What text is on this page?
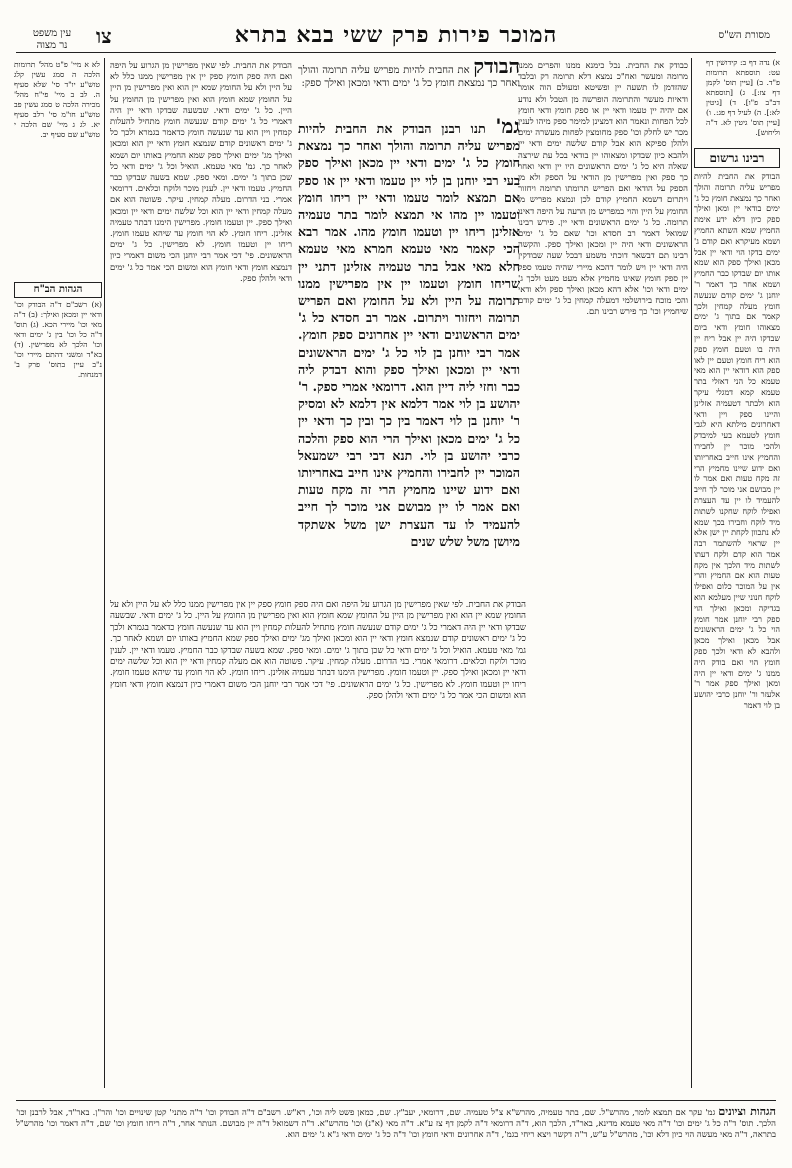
המוכר פירות פרק ששי בבא בתרא
צו
עין משפט
נר מצוה
מסורת הש"ס

א) נדה דף ב: קידושין דף עט: תוספתא תרומות פ"ד. ב) [עיין תוס' לקמן דף צז:]. ג) [תוספתא דב"ב פ"ו]. ד) [גיטין לא:]. ה) לעיל דף פג:. ו) [עיין תוס' גיטין לא. ד"ה וליחוש].

רבינו גרשום

הבודק את החבית להיות מפריש עליה תרומה והולך ואחר כך נמצאת חומץ כל ג' ימים בודאי יין ומאן ואילך ספק כיון דלא ידע אימת החמיץ שמא השתא החמיץ ושמא מעיקרא ואם קודם ג' ימים בדקו הוי ודאי יין אבל מכאן ואילך ספק הוא שמא אותו יום שבדקו כבר החמיץ ושמא אחר כך דאמר ר' יוחנן ג' ימים קודם שנעשה חומץ מעלה קמחין ולכך קאמר אם בתוך ג' ימים מצאוהו חומץ ודאי ביום שבדקו היה יין אבל ריח יין היה בו וטעם חומץ ספק הוא ריח חומץ וטעם יין לאו ספק הוא דודאי יין הוא מאי טעמא כל הני דאזלי בתר טעמא קמא דמגלי עיקר הוא ולבתר דטעמיה אזלינן והיינו ספק ויין ודאי דאחרונים מילתא היא לגבי חומץ לטעמא בעי למיבדק ולהכי מוכר יין לחבירו והחמיץ אינו חייב באחריותו ואם ידוע שיינו מחמיץ הרי זה מקח טעות ואם אמר לו יין מבושם אני מוכר לך חייב להעמיד לו יין עד העצרת ואפילו לוקח שחקנו לשתות מיד לוקח וחבירו בכך שמא לא נתכוון לקחת יין ישן אלא יין שראוי להשתמר רבה אמר הוא קדם ולקח דעתו לשתות מיד הלכך אין מקח טעות הוא אם החמיץ והרי אין על המוכר כלום ואפילו לוקח חנוני שיין מעלמא הוא בגדיקה ומכאן ואילך הוי ספק רבי יוחנן אמר חומץ הוי כל ג' ימים הראשונים אבל מכאן ואילך מכאן ולהבא לא ודאי ולכך ספק חומץ הוי ואם בודק היה ממנו ג' ימים ודאי יין היה ומאן ואילך ספק אמר ר' אלעזר ור' יוחנן כרבי יהושע בן לוי דאמר

כבודק את החבית. נכל כימנא ממנו והפרים ממנו מרומה ומעשר ואח"כ נמצא דלא תרומה רק ובלבד שהזדמן לו תשעה יין ופשיטא ומעולם הוה אומר ודאיות מעשר והתרומה הופרשה מן הטבל ולא נודע אם יהיה יין טעמו ודאי יין או ספק חומץ ודאי חומץ לכל הפחות ונאמר הוא דמצינן למימר ספק מיהו לענין מכר יש לחלק וכו' ספק מחומצין לפחות מעשרה ימים ולהלן ספיקא הוא אבל קודם שלשה ימים ודאי יין ולהבא כיון שבדקו ומצאוהו יין בודאי בכל עת שירצה שאלה היא כל ג' ימים הראשונים היו יין ודאי ואחר כך ספק ואין מפרישין מן הודאי על הספק ולא מן הספק על הודאי ואם הפריש תרומתו תרומה ויחזור ויתרום דשמא החמיץ קודם לכן ונמצא מפריש מן החומץ על היין והוי כמפריש מן הרעה על היפה דאינו תרומה. כל ג' ימים הראשונים ודאי יין. פירש רבינו שמואל דאמר רב חסדא וכו' שאם כל ג' ימים הראשונים ודאי היה יין ומכאן ואילך ספק. והקשה רבינו תם דבשאר דוכתי משמע דבכל שעה שבודקין היה ודאי יין ויש לומר דהכא מיירי שהיה טעמו ספק יין ספק חומץ שאינו מחמיץ אלא מעט מעט ולכך ג' ימים ודאי וכו' אלא דהא מכאן ואילך ספק ולא ודאי והכי מוכח בירושלמי דמעלה קמחין כל ג' ימים קודם שיחמיץ וכו' כך פירש רבינו תם.

הבודק את החבית להיות מפריש עליה תרומה והולך ואחר כך נמצאת חומץ כל ג' ימים ודאי ומכאן ואילך ספק:

גמ' תנו רבנן הבודק את החבית להיות מפריש עליה תרומה והולך ואחר כך נמצאת חומץ כל ג' ימים ודאי יין מכאן ואילך ספק בעי רבי יוחנן בן לוי יין טעמו ודאי יין או ספק אם תמצא לומר טעמו ודאי יין ריחו חומץ וטעמו יין מהו אי תמצא לומר בתר טעמיה אזלינן ריחו יין וטעמו חומץ מהו. אמר רבא הכי קאמר מאי טעמא חמרא מאי טעמא חלא מאי אבל בתר טעמיה אזלינן דתני יין שריחו חומץ וטעמו יין אין מפרישין ממנו תרומה על היין ולא על החומץ ואם הפריש תרומה ויחזור ויתרום. אמר רב חסדא כל ג' ימים הראשונים ודאי יין אחרונים ספק חומץ. אמר רבי יוחנן בן לוי כל ג' ימים הראשונים ודאי יין ומכאן ואילך ספק והוא דבדק ליה כבר וחזי ליה דיין הוא. דרומאי אמרי ספק. ר' יהושע בן לוי אמר דלמא אין דלמא לא ומסיק ר' יוחנן בן לוי דאמר בין כך ובין כך ודאי יין כל ג' ימים מכאן ואילך הרי הוא ספק והלכה כרבי יהושע בן לוי. תנא דבי רבי ישמעאל המוכר יין לחבירו והחמיץ אינו חייב באחריותו ואם ידוע שיינו מחמיץ הרי זה מקח טעות ואם אמר לו יין מבושם אני מוכר לך חייב להעמיד לו עד העצרת ישן משל אשתקד מיושן משל שלש שנים

הבודק את החבית. לפי שאין מפרישין מן הגרוע על היפה ואם היה ספק חומץ ספק יין אין מפרישין ממנו כלל לא על היין ולא על החומץ שמא יין הוא ואין מפרישין מן היין על החומץ שמא חומץ הוא ואין מפרישין מן החומץ על היין. כל ג' ימים ודאי. שבשעה שבדקו ודאי יין היה דאמרי כל ג' ימים קודם שנעשה חומץ מתחיל להעלות קמחין ויין הוא עד שנעשה חומץ כדאמר בגמרא ולכך כל ג' ימים ראשונים קודם שנמצא חומץ ודאי יין הוא ומכאן ואילך מג' ימים ואילך ספק שמא החמיץ באותו יום ושמא לאחר כך. גמ' מאי טעמא. הואיל וכל ג' ימים ודאי כל שכן בתוך ג' ימים. ומאי ספק. שמא בשעה שבדקו כבר החמיץ. טעמו ודאי יין. לענין מוכר ולוקח וכלאים. דרומאי אמרי. בני הדרום. מעלה קמחין. עיקר. פשוטה הוא אם מעלה קמחין ודאי יין הוא וכל שלשה ימים ודאי יין ומכאן ואילך ספק. יין וטעמו חומץ. מפרישין הימנו דבתר טעמיה אזלינן. ריחו חומץ. לא הוי חומץ עד שיהא טעמו חומץ. ריחו יין וטעמו חומץ. לא מפרישין. כל ג' ימים הראשונים. פי' דכי אמר רבי יוחנן הכי משום דאמרי כיון דנמצא חומץ ודאי חומץ הוא ומשום הכי אמר כל ג' ימים ודאי ולהלן ספק.

לא א מיי' פ"ט מהל' תרומות הלכה ה סמג עשין קלג טוש"ע יו"ד סי' שלא סעיף ה. לב ב מיי' פי"ח מהל' מכירה הלכה ט סמג עשין פב טוש"ע חו"מ סי' רלב סעיף יא. לג ג מיי' שם הלכה י טוש"ע שם סעיף יב.

הגהות הב"ח

(א) רשב"ם ד"ה הבודק וכו' ודאי יין ומכאן ואילך: (ב) ד"ה מאי וכו' מיירי הכא. (ג) תוס' ד"ה כל וכו' בין ג' ימים ודאי וכו' הלכך לא מפרישין. (ד) בא"ד ומשני דהתם מיירי וכו' נ"ב עיין בתוס' פרק ב' דמנחות.

הבודק את החבית. לפי שאין מפרישין מן הגרוע על היפה ואם היה ספק חומץ ספק יין אין מפרישין ממנו כלל לא על היין ולא על החומץ שמא יין הוא ואין מפרישין מן היין על החומץ שמא חומץ הוא ואין מפרישין מן החומץ על היין. כל ג' ימים ודאי. שבשעה שבדקו ודאי יין היה דאמרי כל ג' ימים קודם שנעשה חומץ מתחיל להעלות קמחין ויין הוא עד שנעשה חומץ כדאמר בגמרא ולכך כל ג' ימים ראשונים קודם שנמצא חומץ ודאי יין הוא ומכאן ואילך מג' ימים ואילך ספק שמא החמיץ באותו יום ושמא לאחר כך. גמ' מאי טעמא. הואיל וכל ג' ימים ודאי כל שכן בתוך ג' ימים. ומאי ספק. שמא בשעה שבדקו כבר החמיץ. טעמו ודאי יין. לענין מוכר ולוקח וכלאים. דרומאי אמרי. בני הדרום. מעלה קמחין. עיקר. פשוטה הוא אם מעלה קמחין ודאי יין הוא וכל שלשה ימים ודאי יין ומכאן ואילך ספק. יין וטעמו חומץ. מפרישין הימנו דבתר טעמיה אזלינן. ריחו חומץ. לא הוי חומץ עד שיהא טעמו חומץ. ריחו יין וטעמו חומץ. לא מפרישין. כל ג' ימים הראשונים. פי' דכי אמר רבי יוחנן הכי משום דאמרי כיון דנמצא חומץ ודאי חומץ הוא ומשום הכי אמר כל ג' ימים ודאי ולהלן ספק.

הגהות וציונים גמ' עקר אם תמצא לומר, מהרש"ל. שם, בתר טעמיה, מהרש"א צ"ל טעמיה. שם, דרומאי, יעב"ץ. שם, כמאן פשט ליה וכו', רא"ש. רשב"ם ד"ה הבודק וכו' ד"ה מתני' קטן שינויים וכו' והר"ן. באר"ד, אבל לרבנן וכו' הלכך. תוס' ד"ה כל ג' ימים וכו' ד"ה מאי טעמא מדינא, באר"ד, הלכך הוא, ד"ה דרומאי ד"ה לקמן דף צז ע"א. ד"ה מאי (א"נ) וכו' מהרש"א. ד"ה דשמואל ד"ה יין מבושם. הנותר אחר, ד"ה ריחו חומץ וכו' שם, ד"ה דאמר וכו' מהרש"ל בתראה, ד"ה מאי מעשה הוי כיון דלא וכו', מהרש"ל ע"ש, ד"ה דקשר ויצא ריחי בגמ', ד"ה אחרונים ודאי חומץ וכו' ד"ה כל ג' ימים ודאי ג"א ג' ימים הוא.
